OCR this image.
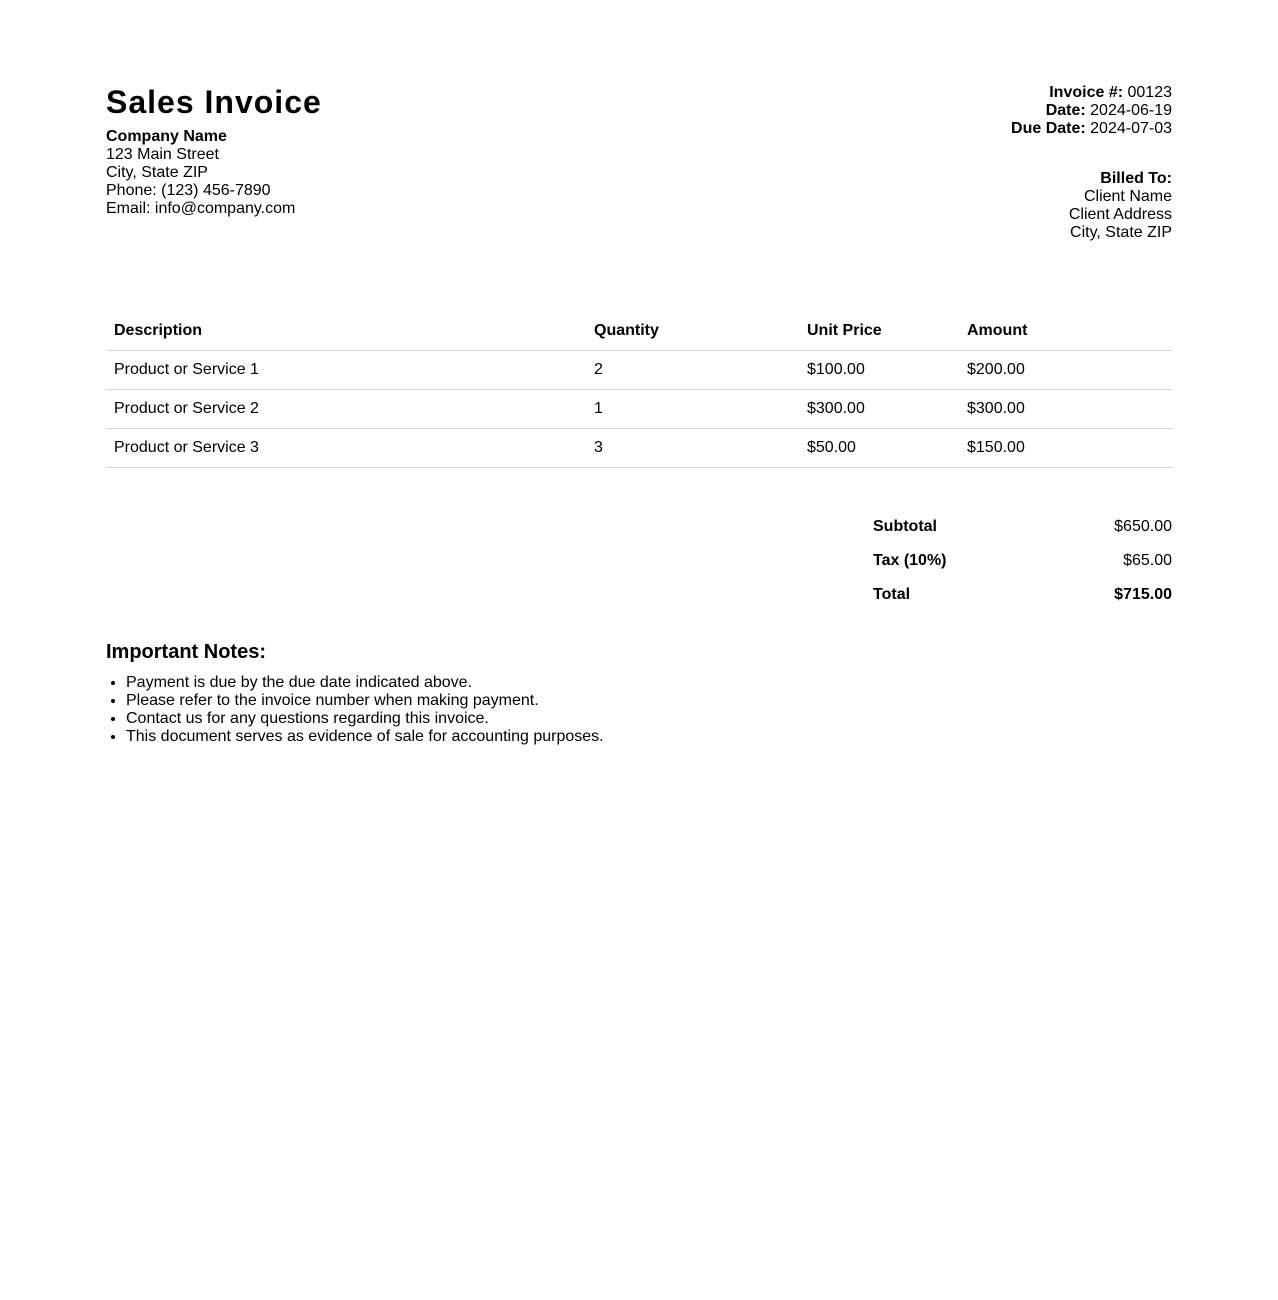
Sales Invoice
Company Name
123 Main Street
City, State ZIP
Phone: (123) 456-7890
Email: info@company.com
Invoice #: 00123
Date: 2024-06-19
Due Date: 2024-07-03
Billed To:
Client Name
Client Address
City, State ZIP
Description	Quantity	Unit Price	Amount
Product or Service 1	2	$100.00	$200.00
Product or Service 2	1	$300.00	$300.00
Product or Service 3	3	$50.00	$150.00
Subtotal	$650.00
Tax (10%)	$65.00
Total	$715.00
Important Notes:
• Payment is due by the due date indicated above.
• Please refer to the invoice number when making payment.
• Contact us for any questions regarding this invoice.
• This document serves as evidence of sale for accounting purposes.
